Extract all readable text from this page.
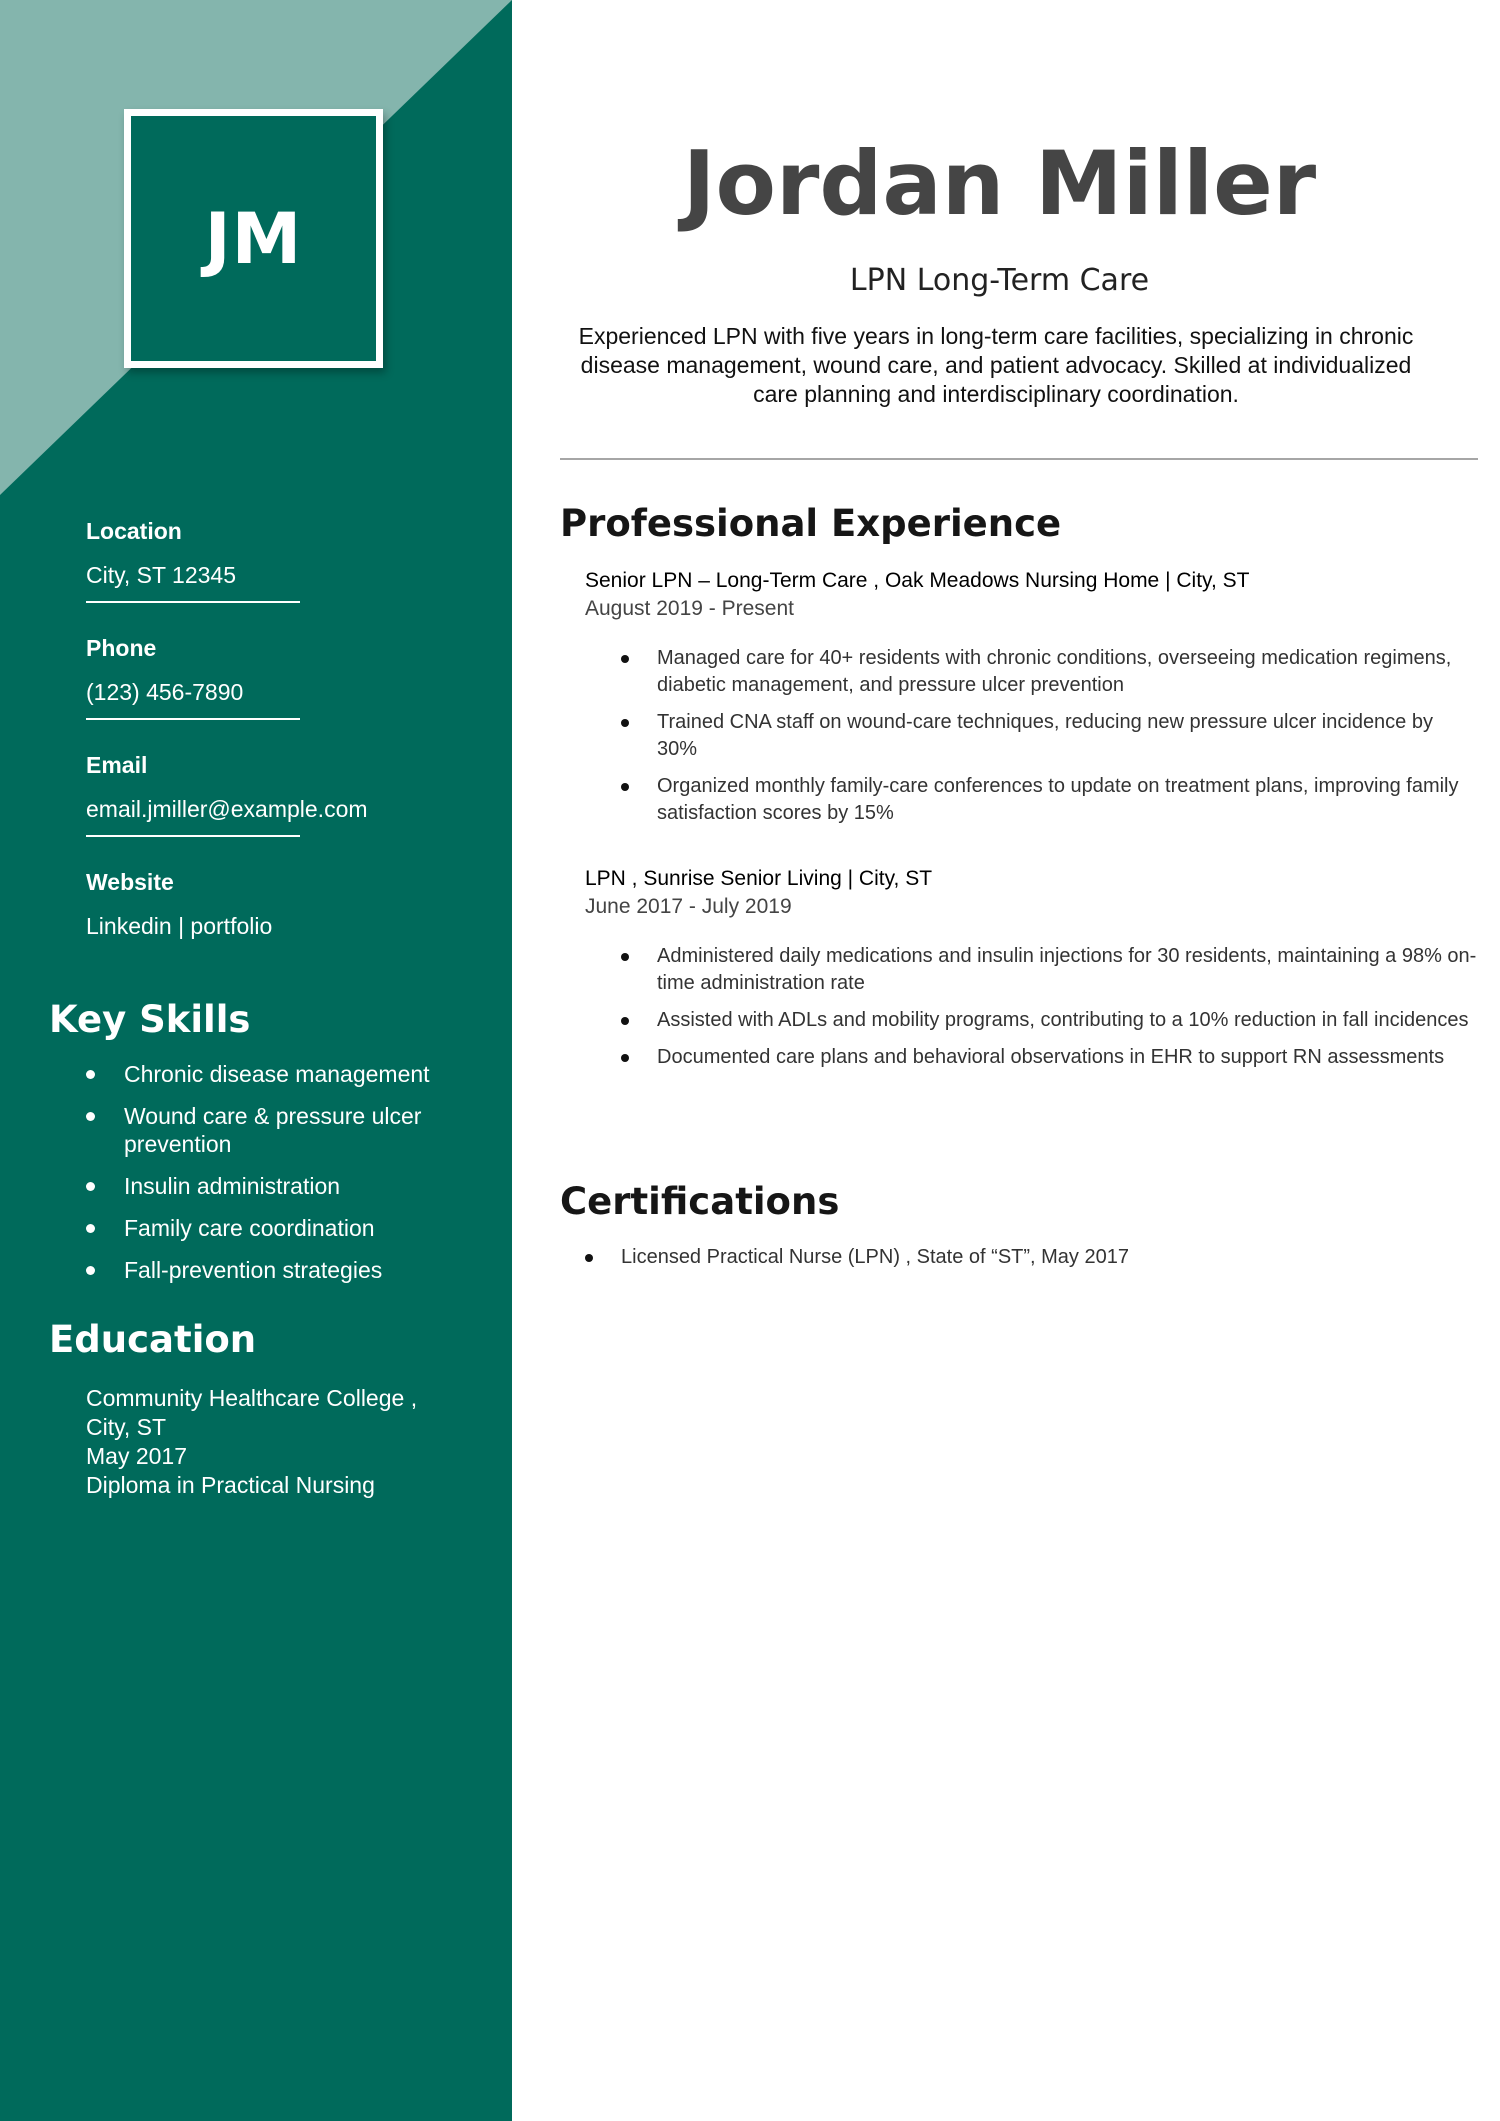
JM
Location
City, ST 12345
Phone
(123) 456-7890
Email
email.jmiller@example.com
Website
Linkedin | portfolio
Key Skills
Chronic disease management
Wound care & pressure ulcer prevention
Insulin administration
Family care coordination
Fall-prevention strategies
Education
Community Healthcare College ,
City, ST
May 2017
Diploma in Practical Nursing
Jordan Miller
LPN Long-Term Care

Experienced LPN with five years in long-term care facilities, specializing in chronic disease management, wound care, and patient advocacy. Skilled at individualized care planning and interdisciplinary coordination.

Professional Experience
Senior LPN – Long-Term Care , Oak Meadows Nursing Home | City, ST
August 2019 - Present
Managed care for 40+ residents with chronic conditions, overseeing medication regimens, diabetic management, and pressure ulcer prevention
Trained CNA staff on wound-care techniques, reducing new pressure ulcer incidence by 30%
Organized monthly family-care conferences to update on treatment plans, improving family satisfaction scores by 15%
LPN , Sunrise Senior Living | City, ST
June 2017 - July 2019
Administered daily medications and insulin injections for 30 residents, maintaining a 98% on-time administration rate
Assisted with ADLs and mobility programs, contributing to a 10% reduction in fall incidences
Documented care plans and behavioral observations in EHR to support RN assessments
Certifications
Licensed Practical Nurse (LPN) , State of “ST”, May 2017
